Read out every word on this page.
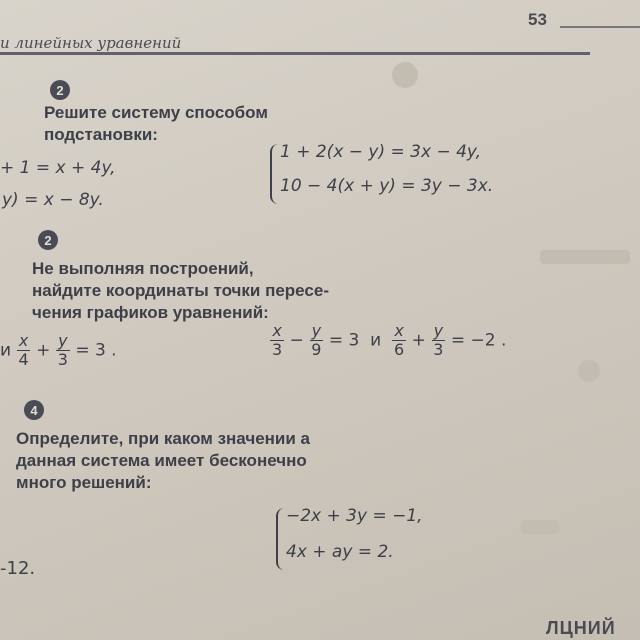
и линейных уравнений
53
2
Решите систему способом
подстановки:
+ 1 = x + 4y,
y) = x − 8y.
1 + 2(x − y) = 3x − 4y,
10 − 4(x + y) = 3y − 3x.
2
Не выполняя построений,
найдите координаты точки пересе-
чения графиков уравнений:
и $\frac{x}{4} + \frac{y}{3} = 3$ .	$\frac{x}{3} - \frac{y}{9} = 3$ и $\frac{x}{6} + \frac{y}{3} = -2$ .
4
Определите, при каком значении a
данная система имеет бесконечно
много решений:
−2x + 3y = −1,
4x + ay = 2.
-12.
ЛЦНИЙ
